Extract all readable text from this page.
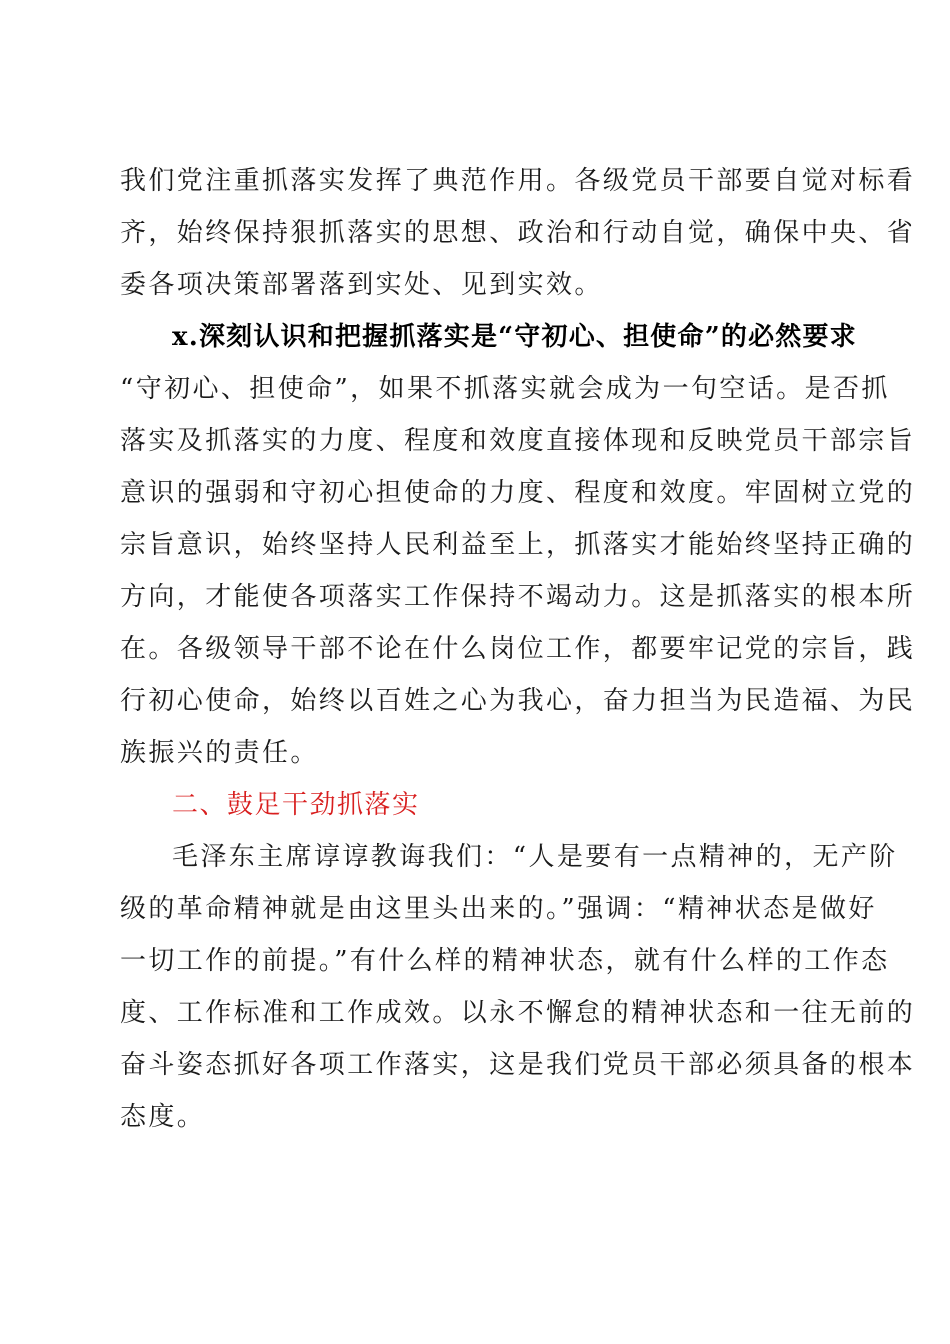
我们党注重抓落实发挥了典范作用。各级党员干部要自觉对标看
齐，始终保持狠抓落实的思想、政治和行动自觉，确保中央、省
委各项决策部署落到实处、见到实效。
x.深刻认识和把握抓落实是“守初心、担使命”的必然要求
“守初心、担使命”，如果不抓落实就会成为一句空话。是否抓
落实及抓落实的力度、程度和效度直接体现和反映党员干部宗旨
意识的强弱和守初心担使命的力度、程度和效度。牢固树立党的
宗旨意识，始终坚持人民利益至上，抓落实才能始终坚持正确的
方向，才能使各项落实工作保持不竭动力。这是抓落实的根本所
在。各级领导干部不论在什么岗位工作，都要牢记党的宗旨，践
行初心使命，始终以百姓之心为我心，奋力担当为民造福、为民
族振兴的责任。
二、鼓足干劲抓落实
毛泽东主席谆谆教诲我们：“人是要有一点精神的，无产阶
级的革命精神就是由这里头出来的。”强调：“精神状态是做好
一切工作的前提。”有什么样的精神状态，就有什么样的工作态
度、工作标准和工作成效。以永不懈怠的精神状态和一往无前的
奋斗姿态抓好各项工作落实，这是我们党员干部必须具备的根本
态度。
